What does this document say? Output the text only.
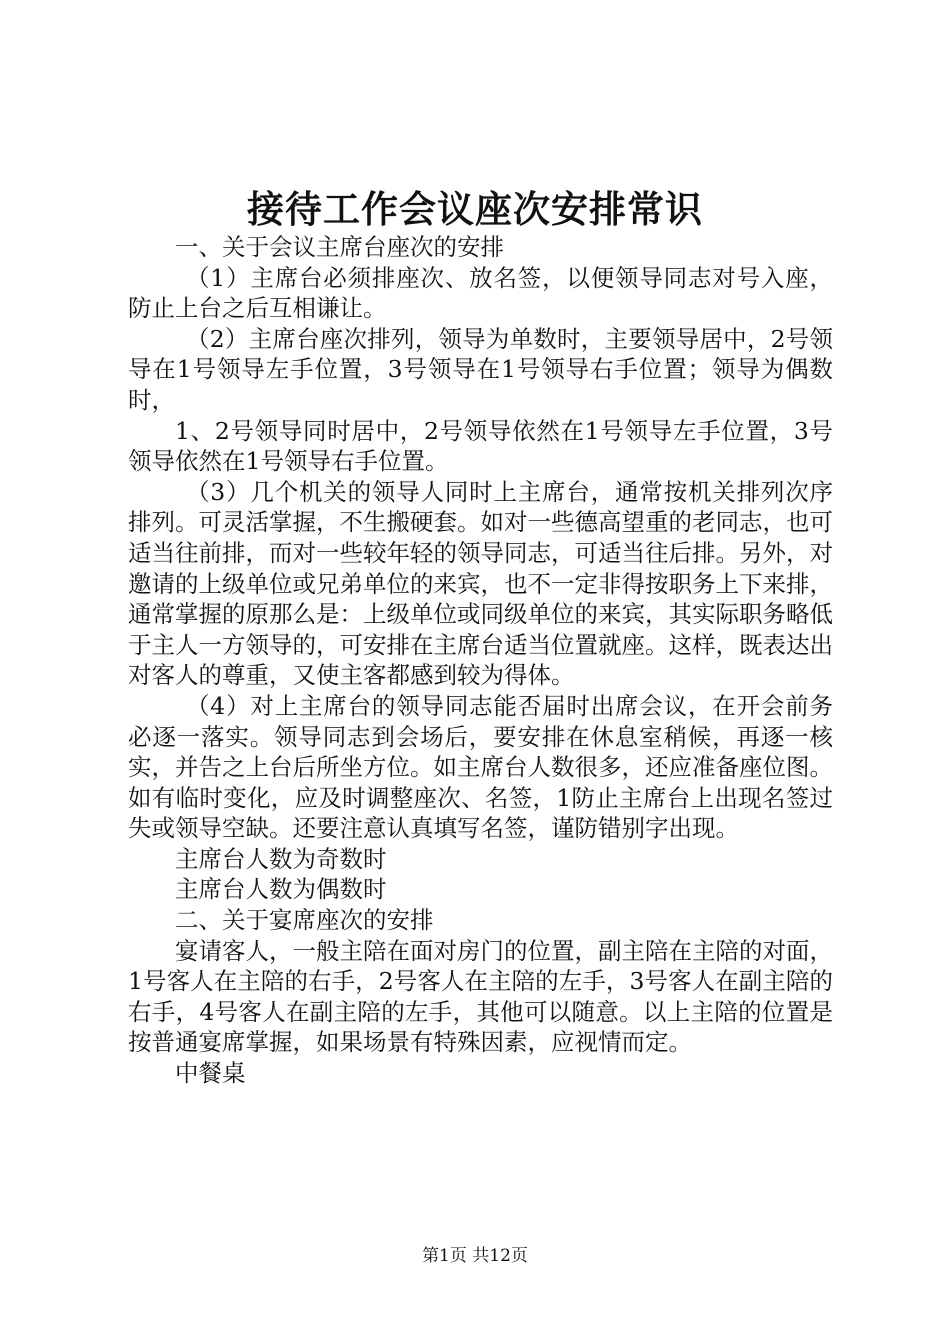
接待工作会议座次安排常识

一、关于会议主席台座次的安排

（1）主席台必须排座次、放名签，以便领导同志对号入座，防止上台之后互相谦让。

（2）主席台座次排列，领导为单数时，主要领导居中，2号领导在1号领导左手位置，3号领导在1号领导右手位置；领导为偶数时，

1、2号领导同时居中，2号领导依然在1号领导左手位置，3号领导依然在1号领导右手位置。

（3）几个机关的领导人同时上主席台，通常按机关排列次序排列。可灵活掌握，不生搬硬套。如对一些德高望重的老同志，也可适当往前排，而对一些较年轻的领导同志，可适当往后排。另外，对邀请的上级单位或兄弟单位的来宾，也不一定非得按职务上下来排，通常掌握的原那么是：上级单位或同级单位的来宾，其实际职务略低于主人一方领导的，可安排在主席台适当位置就座。这样，既表达出对客人的尊重，又使主客都感到较为得体。

（4）对上主席台的领导同志能否届时出席会议，在开会前务必逐一落实。领导同志到会场后，要安排在休息室稍候，再逐一核实，并告之上台后所坐方位。如主席台人数很多，还应准备座位图。如有临时变化，应及时调整座次、名签，1防止主席台上出现名签过失或领导空缺。还要注意认真填写名签，谨防错别字出现。

主席台人数为奇数时

主席台人数为偶数时

二、关于宴席座次的安排

宴请客人，一般主陪在面对房门的位置，副主陪在主陪的对面，1号客人在主陪的右手，2号客人在主陪的左手，3号客人在副主陪的右手，4号客人在副主陪的左手，其他可以随意。以上主陪的位置是按普通宴席掌握，如果场景有特殊因素，应视情而定。

中餐桌

第1页 共12页
